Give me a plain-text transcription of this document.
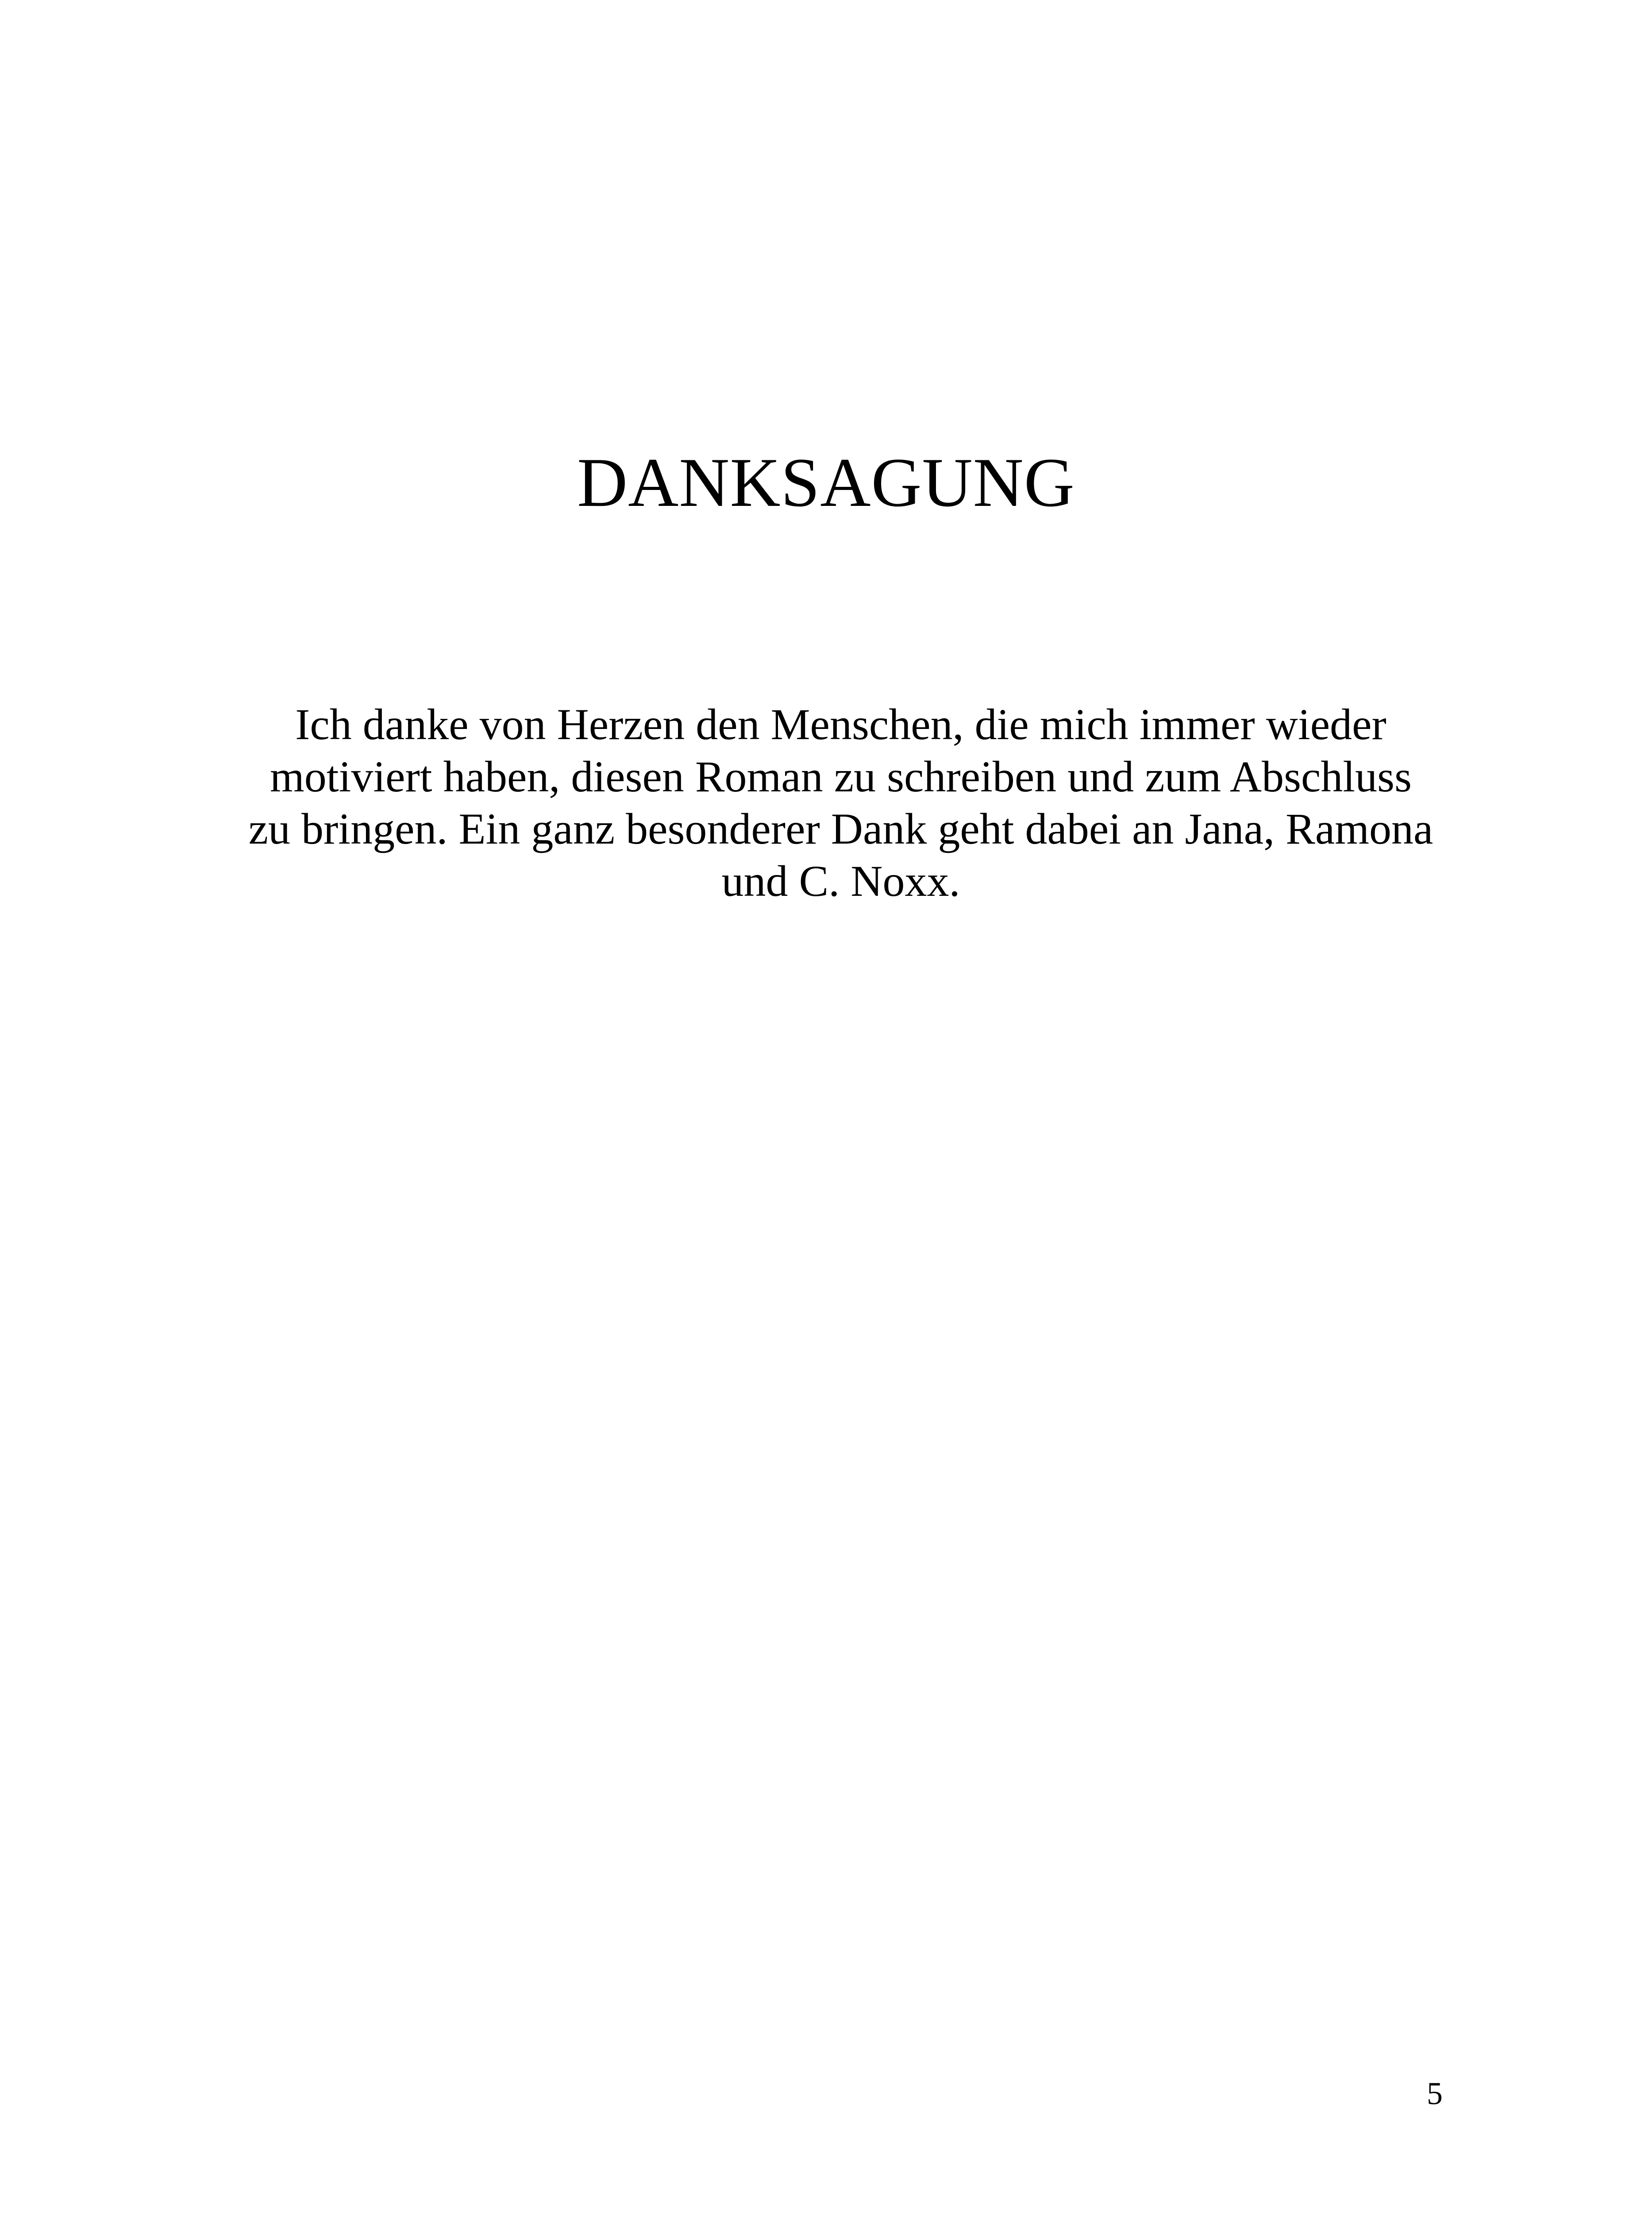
DANKSAGUNG

Ich danke von Herzen den Menschen, die mich immer wieder
motiviert haben, diesen Roman zu schreiben und zum Abschluss
zu bringen. Ein ganz besonderer Dank geht dabei an Jana, Ramona
und C. Noxx.

5
